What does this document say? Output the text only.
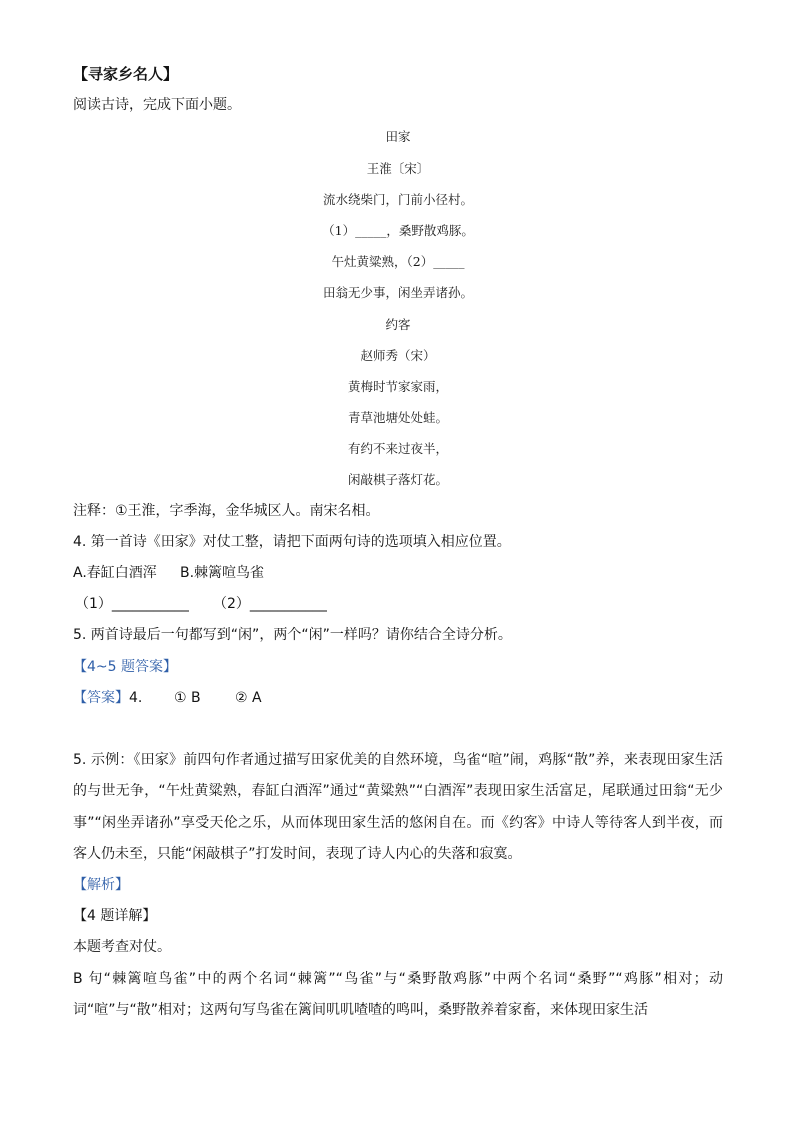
【寻家乡名人】
阅读古诗，完成下面小题。
田家
王淮〔宋〕
流水绕柴门，门前小径村。
（1）_____，桑野散鸡豚。
午灶黄粱熟，（2）_____
田翁无少事，闲坐弄诸孙。
约客
赵师秀（宋）
黄梅时节家家雨，
青草池塘处处蛙。
有约不来过夜半，
闲敲棋子落灯花。
注释：①王淮，字季海，金华城区人。南宋名相。
4. 第一首诗《田家》对仗工整，请把下面两句诗的选项填入相应位置。
A.春缸白酒浑 B.棘篱喧鸟雀
（1）___________ （2）___________
5. 两首诗最后一句都写到“闲”，两个“闲”一样吗？请你结合全诗分析。
【4~5 题答案】
【答案】 4. ① B ② A
5. 示例：《田家》前四句作者通过描写田家优美的自然环境，鸟雀“喧”闹，鸡豚“散”养，来表现田家生活的与世无争，“午灶黄粱熟，春缸白酒浑”通过“黄粱熟”“白酒浑”表现田家生活富足，尾联通过田翁“无少事”“闲坐弄诸孙”享受天伦之乐，从而体现田家生活的悠闲自在。而《约客》中诗人等待客人到半夜，而客人仍未至，只能“闲敲棋子”打发时间，表现了诗人内心的失落和寂寞。
【解析】
【4 题详解】
本题考查对仗。
B 句“棘篱喧鸟雀”中的两个名词“棘篱”“鸟雀”与“桑野散鸡豚”中两个名词“桑野”“鸡豚”相对；动词“喧”与“散”相对；这两句写鸟雀在篱间叽叽喳喳的鸣叫，桑野散养着家畜，来体现田家生活
